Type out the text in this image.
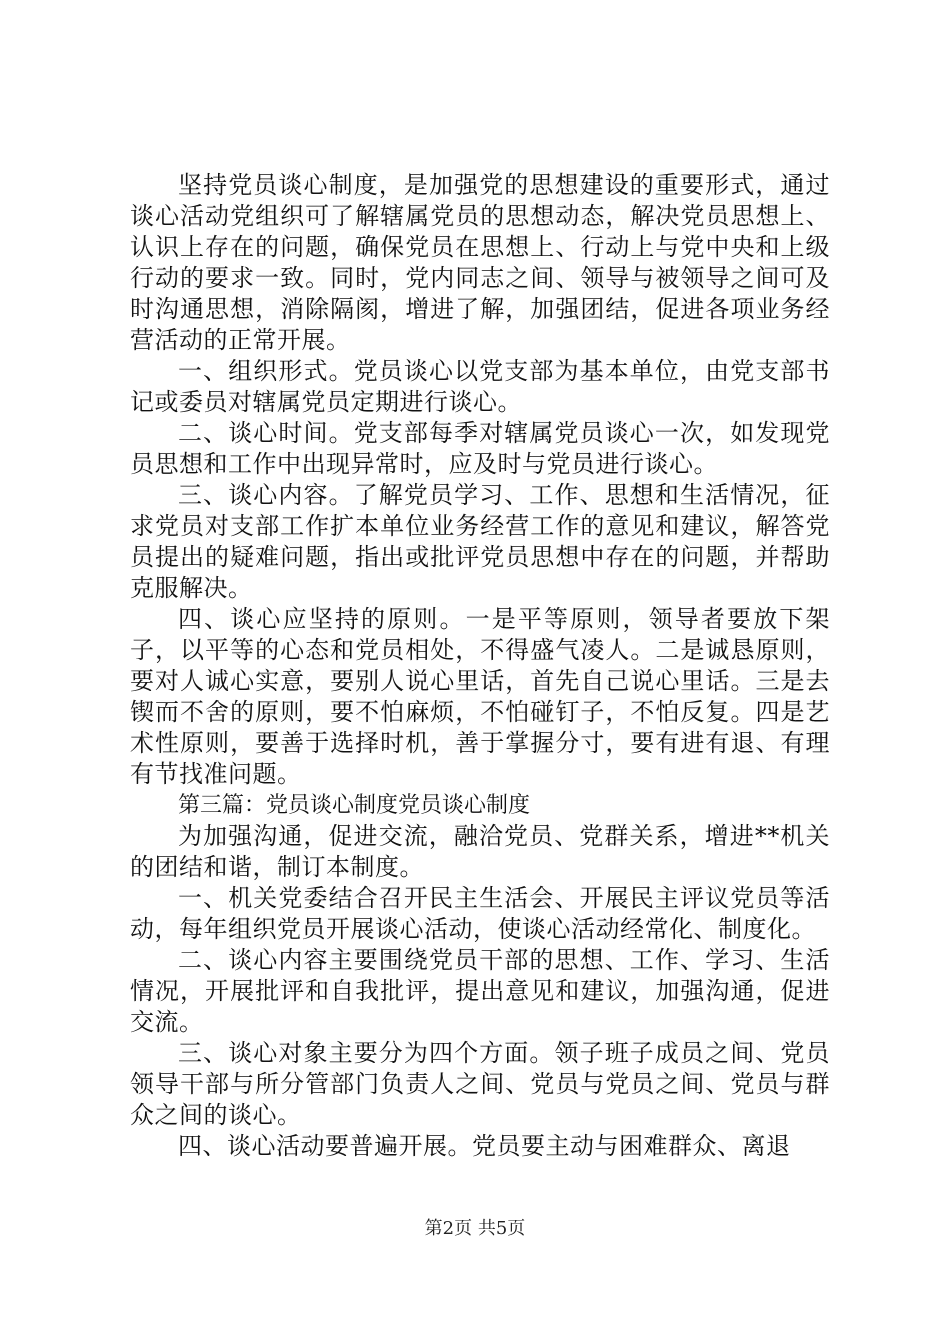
坚持党员谈心制度，是加强党的思想建设的重要形式，通过谈心活动党组织可了解辖属党员的思想动态，解决党员思想上、认识上存在的问题，确保党员在思想上、行动上与党中央和上级行动的要求一致。同时，党内同志之间、领导与被领导之间可及时沟通思想，消除隔阂，增进了解，加强团结，促进各项业务经营活动的正常开展。

一、组织形式。党员谈心以党支部为基本单位，由党支部书记或委员对辖属党员定期进行谈心。

二、谈心时间。党支部每季对辖属党员谈心一次，如发现党员思想和工作中出现异常时，应及时与党员进行谈心。

三、谈心内容。了解党员学习、工作、思想和生活情况，征求党员对支部工作扩本单位业务经营工作的意见和建议，解答党员提出的疑难问题，指出或批评党员思想中存在的问题，并帮助克服解决。

四、谈心应坚持的原则。一是平等原则，领导者要放下架子，以平等的心态和党员相处，不得盛气凌人。二是诚恳原则，要对人诚心实意，要别人说心里话，首先自己说心里话。三是去锲而不舍的原则，要不怕麻烦，不怕碰钉子，不怕反复。四是艺术性原则，要善于选择时机，善于掌握分寸，要有进有退、有理有节找准问题。

第三篇：党员谈心制度党员谈心制度

为加强沟通，促进交流，融洽党员、党群关系，增进**机关的团结和谐，制订本制度。

一、机关党委结合召开民主生活会、开展民主评议党员等活动，每年组织党员开展谈心活动，使谈心活动经常化、制度化。

二、谈心内容主要围绕党员干部的思想、工作、学习、生活情况，开展批评和自我批评，提出意见和建议，加强沟通，促进交流。

三、谈心对象主要分为四个方面。领子班子成员之间、党员领导干部与所分管部门负责人之间、党员与党员之间、党员与群众之间的谈心。

四、谈心活动要普遍开展。党员要主动与困难群众、离退

第2页 共5页
